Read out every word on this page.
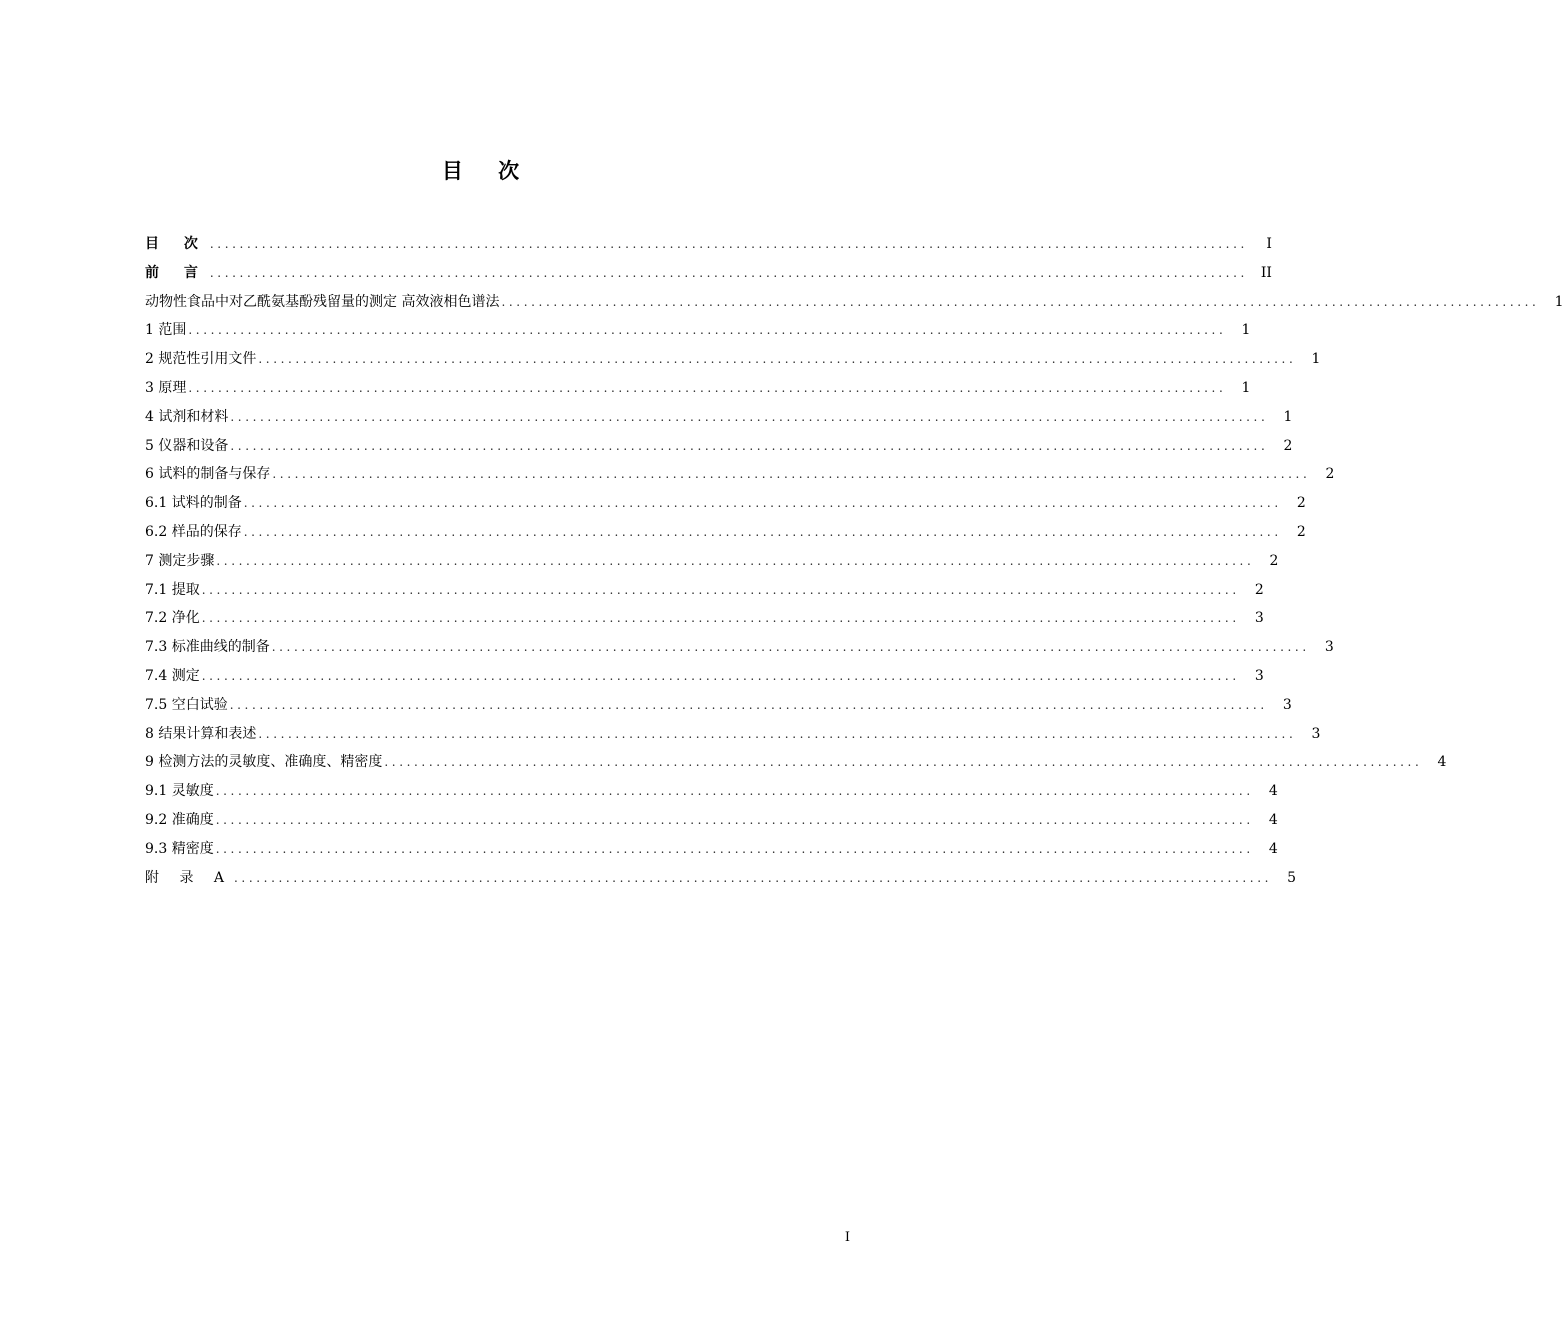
目 次
目 次 ............................................................................................................................................	I
前 言 ............................................................................................................................................ II
动物性食品中对乙酰氨基酚残留量的测定 高效液相色谱法 ............................................................................................................................................	1
1 范围 ............................................................................................................................................	1
2 规范性引用文件 ............................................................................................................................................	1
3 原理 ............................................................................................................................................	1
4 试剂和材料 ............................................................................................................................................	1
5 仪器和设备 ............................................................................................................................................	2
6 试料的制备与保存 ............................................................................................................................................	2
6.1 试料的制备 ............................................................................................................................................	2
6.2 样品的保存 ............................................................................................................................................	2
7 测定步骤 ............................................................................................................................................	2
7.1 提取 ............................................................................................................................................	2
7.2 净化 ............................................................................................................................................	3
7.3 标准曲线的制备 ............................................................................................................................................	3
7.4 测定 ............................................................................................................................................	3
7.5 空白试验 ............................................................................................................................................	3
8 结果计算和表述 ............................................................................................................................................	3
9 检测方法的灵敏度、准确度、精密度 ............................................................................................................................................	4
9.1 灵敏度 ............................................................................................................................................	4
9.2 准确度 ............................................................................................................................................	4
9.3 精密度 ............................................................................................................................................	4
附 录 A ............................................................................................................................................	5
I
